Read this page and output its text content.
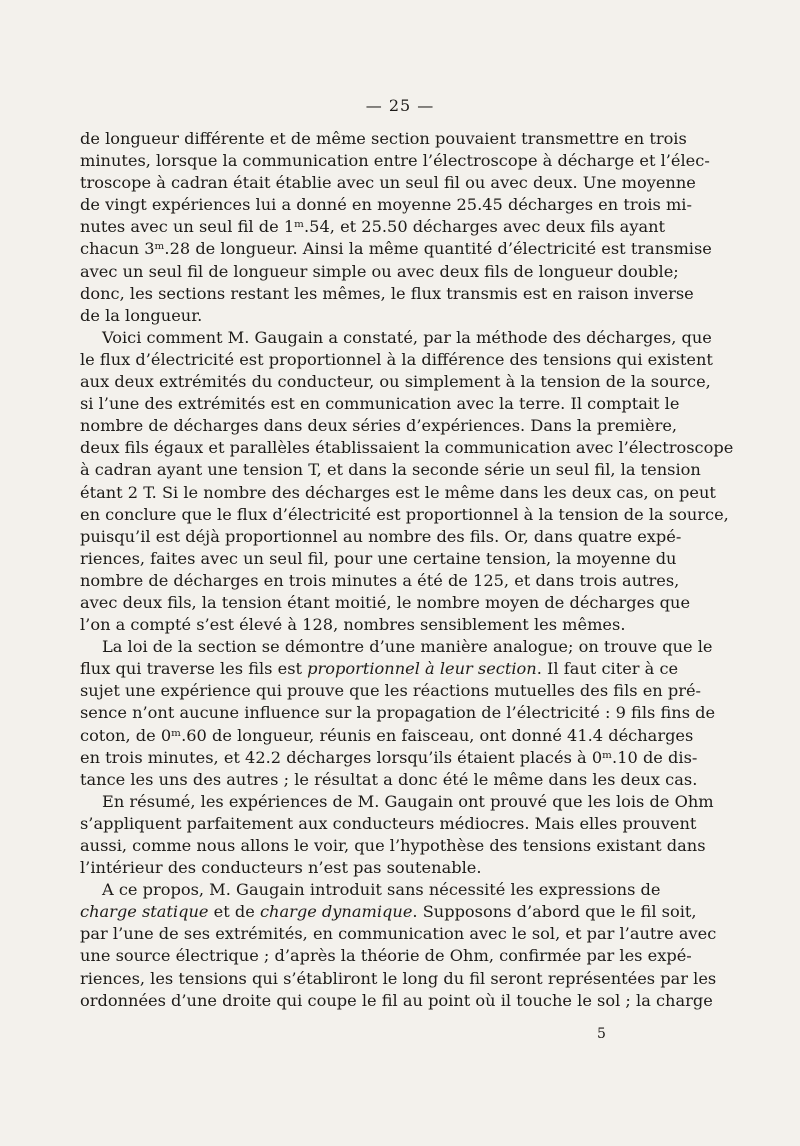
— 25 —
de longueur différente et de même section pouvaient transmettre en trois
minutes, lorsque la communication entre l’électroscope à décharge et l’élec-
troscope à cadran était établie avec un seul fil ou avec deux. Une moyenne
de vingt expériences lui a donné en moyenne 25.45 décharges en trois mi-
nutes avec un seul fil de 1ᵐ.54, et 25.50 décharges avec deux fils ayant
chacun 3ᵐ.28 de longueur. Ainsi la même quantité d’électricité est transmise
avec un seul fil de longueur simple ou avec deux fils de longueur double;
donc, les sections restant les mêmes, le flux transmis est en raison inverse
de la longueur.
Voici comment M. Gaugain a constaté, par la méthode des décharges, que
le flux d’électricité est proportionnel à la différence des tensions qui existent
aux deux extrémités du conducteur, ou simplement à la tension de la source,
si l’une des extrémités est en communication avec la terre. Il comptait le
nombre de décharges dans deux séries d’expériences. Dans la première,
deux fils égaux et parallèles établissaient la communication avec l’électroscope
à cadran ayant une tension T, et dans la seconde série un seul fil, la tension
étant 2 T. Si le nombre des décharges est le même dans les deux cas, on peut
en conclure que le flux d’électricité est proportionnel à la tension de la source,
puisqu’il est déjà proportionnel au nombre des fils. Or, dans quatre expé-
riences, faites avec un seul fil, pour une certaine tension, la moyenne du
nombre de décharges en trois minutes a été de 125, et dans trois autres,
avec deux fils, la tension étant moitié, le nombre moyen de décharges que
l’on a compté s’est élevé à 128, nombres sensiblement les mêmes.
La loi de la section se démontre d’une manière analogue; on trouve que le
flux qui traverse les fils est proportionnel à leur section. Il faut citer à ce
sujet une expérience qui prouve que les réactions mutuelles des fils en pré-
sence n’ont aucune influence sur la propagation de l’électricité : 9 fils fins de
coton, de 0ᵐ.60 de longueur, réunis en faisceau, ont donné 41.4 décharges
en trois minutes, et 42.2 décharges lorsqu’ils étaient placés à 0ᵐ.10 de dis-
tance les uns des autres ; le résultat a donc été le même dans les deux cas.
En résumé, les expériences de M. Gaugain ont prouvé que les lois de Ohm
s’appliquent parfaitement aux conducteurs médiocres. Mais elles prouvent
aussi, comme nous allons le voir, que l’hypothèse des tensions existant dans
l’intérieur des conducteurs n’est pas soutenable.
A ce propos, M. Gaugain introduit sans nécessité les expressions de
charge statique et de charge dynamique. Supposons d’abord que le fil soit,
par l’une de ses extrémités, en communication avec le sol, et par l’autre avec
une source électrique ; d’après la théorie de Ohm, confirmée par les expé-
riences, les tensions qui s’établiront le long du fil seront représentées par les
ordonnées d’une droite qui coupe le fil au point où il touche le sol ; la charge
5
